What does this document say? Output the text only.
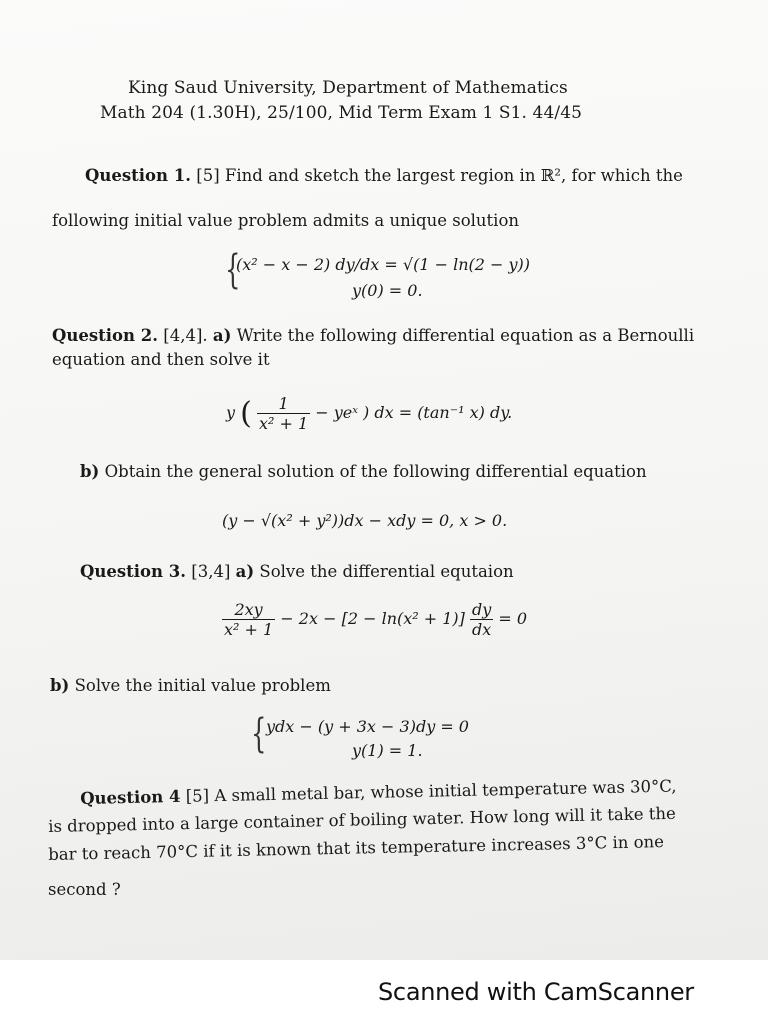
King Saud University, Department of Mathematics
Math 204 (1.30H), 25/100, Mid Term Exam 1 S1. 44/45
Question 1. [5] Find and sketch the largest region in ℝ², for which the
following initial value problem admits a unique solution
{
(x² − x − 2) dy/dx = √(1 − ln(2 − y))
y(0) = 0.
Question 2. [4,4]. a) Write the following differential equation as a Bernoulli
equation and then solve it
y ( $\frac{1}{\text{x² + 1}}$ − yeˣ ) dx = (tan⁻¹ x) dy.
b) Obtain the general solution of the following differential equation
(y − √(x² + y²))dx − xdy = 0, x > 0.
Question 3. [3,4] a) Solve the differential equtaion
$\frac{2xy}{\text{x² + 1}} - 2x - [2 - \ln(x^2 + 1)] \frac{dy}{dx} = 0$
b) Solve the initial value problem
{ ydx − (y + 3x − 3)dy = 0
y(1) = 1.
Question 4 [5] A small metal bar, whose initial temperature was 30°C,
is dropped into a large container of boiling water. How long will it take the
bar to reach 70°C if it is known that its temperature increases 3°C in one
second ?
Scanned with CamScanner
